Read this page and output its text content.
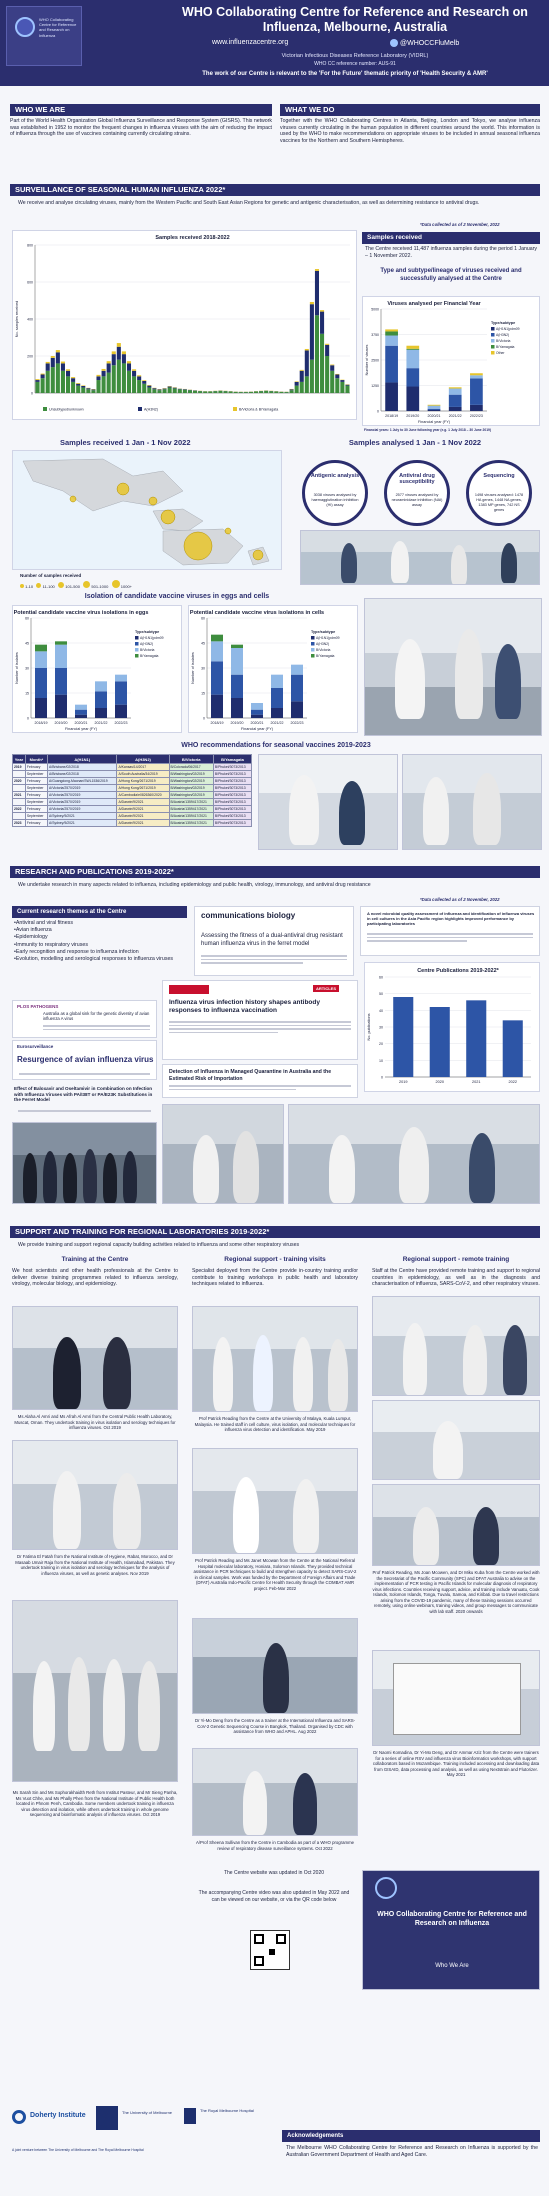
WHO Collaborating Centre for Reference and Research on Influenza
WHO Collaborating Centre for Reference and Research on Influenza, Melbourne, Australia
www.influenzacentre.org	@WHOCCFluMelb
Victorian Infectious Diseases Reference Laboratory (VIDRL)
WHO CC reference number: AUS-91
The work of our Centre is relevant to the 'For the Future' thematic priority of 'Health Security & AMR'
WHO WE ARE
Part of the World Health Organization Global Influenza Surveillance and Response System (GISRS). This network was established in 1952 to monitor the frequent changes in influenza viruses with the aim of reducing the impact of influenza through the use of vaccines containing currently circulating strains.
WHAT WE DO
Together with the WHO Collaborating Centres in Atlanta, Beijing, London and Tokyo, we analyse influenza viruses currently circulating in the human population in different countries around the world. This information is used by the WHO to make recommendations on appropriate viruses to be included in annual seasonal influenza vaccines for the Northern and Southern Hemispheres.
SURVEILLANCE OF SEASONAL HUMAN INFLUENZA 2022*
We receive and analyse circulating viruses, mainly from the Western Pacific and South East Asian Regions for genetic and antigenic characterisation, as well as determining resistance to antiviral drugs.
*Data collected as of 2 November, 2022
Samples received 2018-2022
0
200
400
600
800
No. samples received
Unsubtyped/unknown	A(H3N2)	B/Victoria & B/Yamagata
Samples received
The Centre received 11,487 influenza samples during the period 1 January – 1 November 2022.
Type and subtype/lineage of viruses received and successfully analysed at the Centre
Viruses analysed per Financial Year
0
1250
2500
3750
5000
2018/19 2019/20 2020/21 2021/22 2022/23
Number of viruses
Financial year (FY)
Type/subtype
A(H1N1)pdm09
A(H3N2)
B/Victoria
B/Yamagata
Other
Financial years: 1 July to 30 June following year (e.g. 1 July 2018 – 30 June 2019)
Samples received 1 Jan - 1 Nov 2022
Number of samples received
1-10 11-100	101-500	501-1000	1000+
Samples analysed 1 Jan - 1 Nov 2022
Antigenic analysis
3038 viruses analysed by haemagglutination inhibition (HI) assay
Antiviral drug susceptibility
2577 viruses analysed by neuraminidase inhibition (NAI) assay
Sequencing
1498 viruses analysed: 1478 HA genes, 1448 NA genes, 1383 MP genes, 742 NS genes
Isolation of candidate vaccine viruses in eggs and cells
Potential candidate vaccine virus isolations in eggs
0
15
30
45
60
2018/19 2019/20 2020/21 2021/22 2022/23
Number of isolates
Financial year (FY)
Type/subtype
A(H1N1)pdm09
A(H3N2)
B/Victoria
B/Yamagata
Potential candidate vaccine virus isolations in cells
0
15
30
45
60
2018/19 2019/20 2020/21 2021/22 2022/23
Number of isolates
Financial year (FY)
Type/subtype
A(H1N1)pdm09
A(H3N2)
B/Victoria
B/Yamagata
WHO recommendations for seasonal vaccines 2019-2023
Year	Month*	A(H1N1)	A(H3N2)	B/Victoria	B/Yamagata
2019	February	A/Brisbane/02/2018	A/Kansas/14/2017	B/Colorado/06/2017	B/Phuket/3073/2013
	September	A/Brisbane/02/2018	A/South Australia/34/2019	B/Washington/02/2019	B/Phuket/3073/2013
2020	February	A/Guangdong-Maonan/SWL1536/2019	A/Hong Kong/2671/2019	B/Washington/02/2019	B/Phuket/3073/2013
	September	A/Victoria/2570/2019	A/Hong Kong/2671/2019	B/Washington/02/2019	B/Phuket/3073/2013
2021	February	A/Victoria/2570/2019	A/Cambodia/e0826360/2020	B/Washington/02/2019	B/Phuket/3073/2013
	September	A/Victoria/2570/2019	A/Darwin/9/2021	B/Austria/1359417/2021	B/Phuket/3073/2013
2022	February	A/Victoria/2570/2019	A/Darwin/9/2021	B/Austria/1359417/2021	B/Phuket/3073/2013
	September	A/Sydney/5/2021	A/Darwin/9/2021	B/Austria/1359417/2021	B/Phuket/3073/2013
2023	February	A/Sydney/5/2021	A/Darwin/9/2021	B/Austria/1359417/2021	B/Phuket/3073/2013
RESEARCH AND PUBLICATIONS 2019-2022*
We undertake research in many aspects related to influenza, including epidemiology and public health, virology, immunology, and antiviral drug resistance
*Data collected as of 2 November, 2022
Current research themes at the Centre
•Antiviral and viral fitness
•Avian influenza
•Epidemiology
•Immunity to respiratory viruses
•Early recognition and response to influenza infection
•Evolution, modelling and serological responses to influenza viruses
communications biology
Assessing the fitness of a dual-antiviral drug resistant human influenza virus in the ferret model
A novel microbial quality assessment of influenza and identification of influenza viruses in cell cultures in the Asia Pacific region highlights improved performance by participating laboratories
PLOS PATHOGENS
Australia as a global sink for the genetic diversity of avian influenza A virus
Eurosurveillance
Resurgence of avian influenza virus
ARTICLES
Influenza virus infection history shapes antibody responses to influenza vaccination
Detection of Influenza in Managed Quarantine in Australia and the Estimated Risk of Importation
Centre Publications 2019-2022*
0
10
20
30
40
50
60
2019	2020	2021	2022
No. publications
Effect of Baloxavir and Oseltamivir in Combination on Infection with Influenza Viruses with PA/I38T or PA/E23K Substitutions in the Ferret Model
SUPPORT AND TRAINING FOR REGIONAL LABORATORIES 2019-2022*
We provide training and support regional capacity building activities related to influenza and some other respiratory viruses
Training at the Centre	Regional support - training visits	Regional support - remote training
We host scientists and other health professionals at the Centre to deliver diverse training programmes related to influenza serology, virology, molecular biology, and epidemiology.
Specialist deployed from the Centre provide in-country training and/or contribute to training workshops in public health and laboratory techniques related to influenza.
Staff at the Centre have provided remote training and support to regional countries in epidemiology, as well as in the diagnosis and characterisation of influenza, SARS-CoV-2, and other respiratory viruses.
Ms Alaha Al Amri and Ms Afrah Al Amri from the Central Public Health Laboratory, Muscat, Oman. They undertook training in virus isolation and serology techniques for influenza viruses. Oct 2019
Dr Fatima El Fatah from the National Institute of Hygiene, Rabat, Morocco, and Dr Masaab Umair Raja from the National Institute of Health, Islamabad, Pakistan. They undertook training in virus isolation and serology techniques for the analysis of influenza viruses, as well as genetic analyses. Nov 2019
Ms Sarah Sin and Ms Sophorakhaidth Reth from Institut Pasteur, and Mr Sieng Panha, Ms Vuot Chhe, and Ms Phally Phen from the National Institute of Public Health both located in Phnom Penh, Cambodia. Some members undertook training in influenza virus detection and isolation, while others undertook training in whole genome sequencing and bioinformatic analysis of influenza viruses. Oct 2019
Prof Patrick Reading from the Centre at the University of Malaya, Kuala Lumpur, Malaysia. He trained staff in cell culture, virus isolation, and molecular techniques for influenza virus detection and identification. May 2019
Prof Patrick Reading and Ms Janet Mcowan from the Centre at the National Referral Hospital molecular laboratory, Honiara, Solomon Islands. They provided technical assistance in PCR techniques to build and strengthen capacity to detect SARS-CoV-2 in clinical samples. Work was funded by the Department of Foreign Affairs and Trade (DFAT) Australia Indo-Pacific Centre for Health Security through the COMBAT AMR project. Feb-Mar 2022
Dr Yi-Mo Deng from the Centre as a trainer at the International Influenza and SARS-CoV-2 Genetic Sequencing Course in Bangkok, Thailand. Organised by CDC with assistance from WHO and APHL. Aug 2022
A/Prof Sheena Sullivan from the Centre in Cambodia as part of a WHO programme review of respiratory disease surveillance systems. Oct 2022
Prof Patrick Reading, Ms Joan Mcowen, and Dr Miku Kuba from the Centre worked with the Secretariat of the Pacific Community (SPC) and DFAT Australia to advise on the implementation of PCR testing in Pacific Islands for molecular diagnosis of respiratory virus infections. Countries receiving support, advice, and training include Vanuatu, Cook Islands, Solomon Islands, Tonga, Tuvalu, Samoa, and Kiribati. Due to travel restrictions arising from the COVID-19 pandemic, many of these training sessions occurred remotely, using online webinars, training videos, and group messages to communicate with lab staff. 2020 onwards
Dr Naomi Komadina, Dr Yi-Mo Deng, and Dr Ammar Aziz from the Centre were trainers for a series of online RSV and influenza virus Bioinformatics workshops, with support collaborators based in Mozambique. Training included accessing and downloading data from GISAID, data processing and analysis, as well as using Nextstrain and Flutorizer. May 2021
The Centre website was updated in Oct 2020
The accompanying Centre video was also updated in May 2022 and can be viewed on our website, or via the QR code below
WHO Collaborating Centre for Reference and Research on Influenza
Who We Are
Doherty Institute	The University of Melbourne	The Royal Melbourne Hospital
A joint venture between The University of Melbourne and The Royal Melbourne Hospital
Acknowledgements
The Melbourne WHO Collaborating Centre for Reference and Research on Influenza is supported by the Australian Government Department of Health and Aged Care.
